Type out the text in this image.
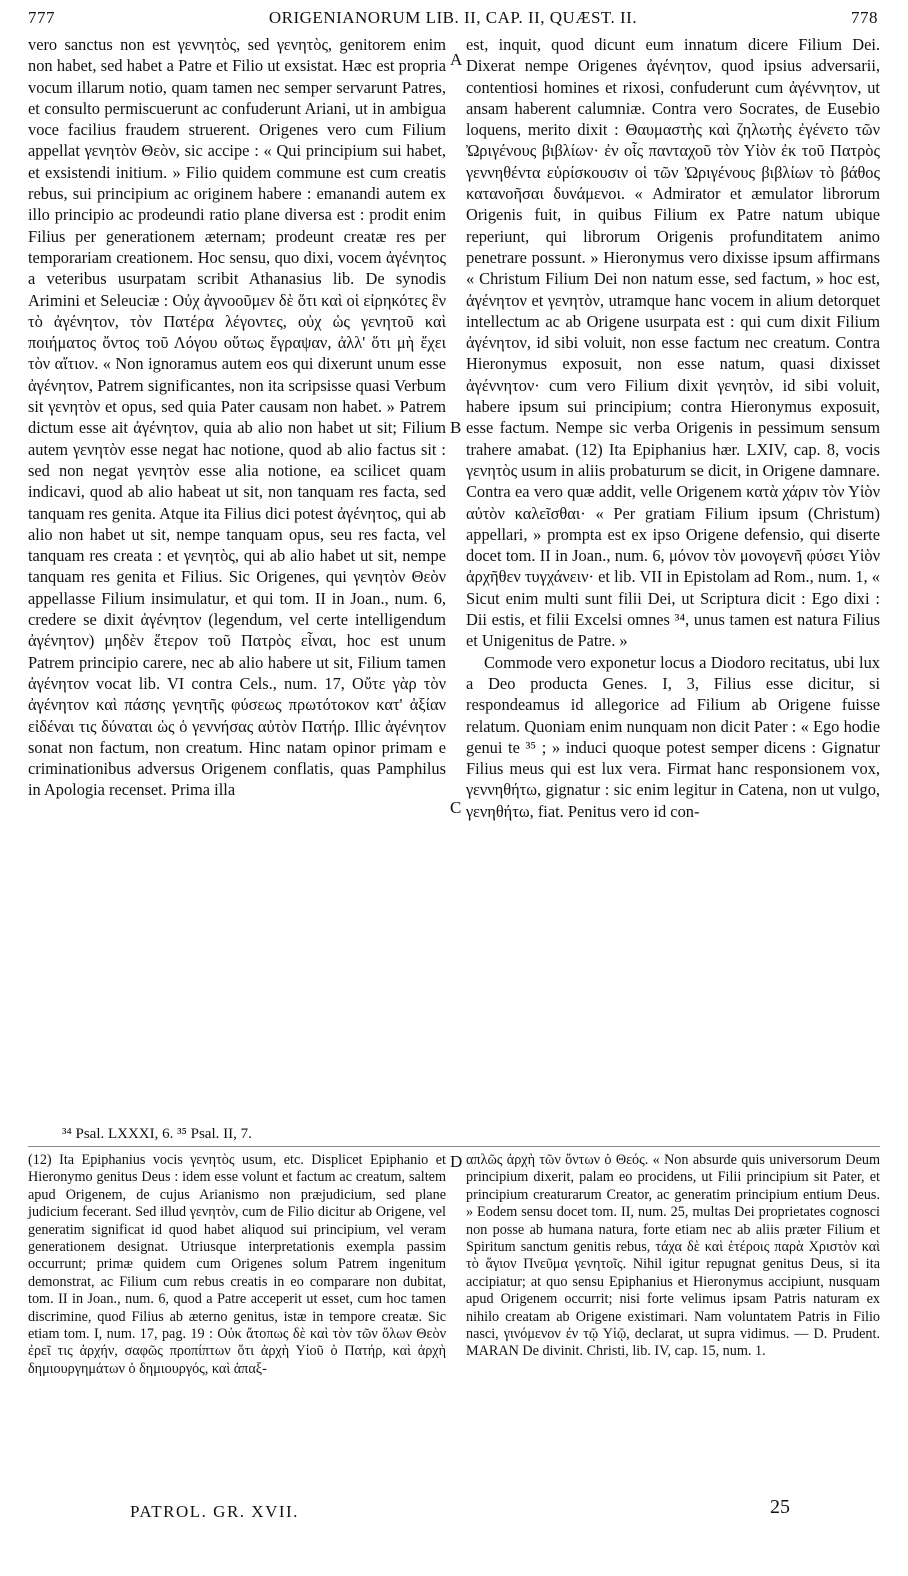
777	ORIGENIANORUM LIB. II, CAP. II, QUÆST. II.	778

vero sanctus non est γεννητὸς, sed γενητὸς, genitorem enim non habet, sed habet a Patre et Filio ut exsistat. Hæc est propria vocum illarum notio, quam tamen nec semper servarunt Patres, et consulto permiscuerunt ac confuderunt Ariani, ut in ambigua voce facilius fraudem struerent. Origenes vero cum Filium appellat γενητὸν Θεὸν, sic accipe : « Qui principium sui habet, et exsistendi initium. » Filio quidem commune est cum creatis rebus, sui principium ac originem habere : emanandi autem ex illo principio ac prodeundi ratio plane diversa est : prodit enim Filius per generationem æternam; prodeunt creatæ res per temporariam creationem. Hoc sensu, quo dixi, vocem ἀγένητος a veteribus usurpatam scribit Athanasius lib. De synodis Arimini et Seleuciæ : Οὐχ ἀγνοοῦμεν δὲ ὅτι καὶ οἱ εἰρηκότες ἓν τὸ ἀγένητον, τὸν Πατέρα λέγοντες, οὐχ ὡς γενητοῦ καὶ ποιήματος ὄντος τοῦ Λόγου οὕτως ἔγραψαν, ἀλλ' ὅτι μὴ ἔχει τὸν αἴτιον. « Non ignoramus autem eos qui dixerunt unum esse ἀγένητον, Patrem significantes, non ita scripsisse quasi Verbum sit γενητὸν et opus, sed quia Pater causam non habet. » Patrem dictum esse ait ἀγένητον, quia ab alio non habet ut sit; Filium autem γενητὸν esse negat hac notione, quod ab alio factus sit : sed non negat γενητὸν esse alia notione, ea scilicet quam indicavi, quod ab alio habeat ut sit, non tanquam res facta, sed tanquam res genita. Atque ita Filius dici potest ἀγένητος, qui ab alio non habet ut sit, nempe tanquam opus, seu res facta, vel tanquam res creata : et γενητὸς, qui ab alio habet ut sit, nempe tanquam res genita et Filius. Sic Origenes, qui γενητὸν Θεὸν appellasse Filium insimulatur, et qui tom. II in Joan., num. 6, credere se dixit ἀγένητον (legendum, vel certe intelligendum ἀγένητον) μηδὲν ἕτερον τοῦ Πατρὸς εἶναι, hoc est unum Patrem principio carere, nec ab alio habere ut sit, Filium tamen ἀγένητον vocat lib. VI contra Cels., num. 17, Οὔτε γὰρ τὸν ἀγένητον καὶ πάσης γενητῆς φύσεως πρωτότοκον κατ' ἀξίαν εἰδέναι τις δύναται ὡς ὁ γεννήσας αὐτὸν Πατήρ. Illic ἀγένητον sonat non factum, non creatum. Hinc natam opinor primam e criminationibus adversus Origenem conflatis, quas Pamphilus in Apologia recenset. Prima illa

est, inquit, quod dicunt eum innatum dicere Filium Dei. Dixerat nempe Origenes ἀγένητον, quod ipsius adversarii, contentiosi homines et rixosi, confuderunt cum ἀγέννητον, ut ansam haberent calumniæ. Contra vero Socrates, de Eusebio loquens, merito dixit : Θαυμαστὴς καὶ ζηλωτὴς ἐγένετο τῶν Ὠριγένους βιβλίων· ἐν οἷς πανταχοῦ τὸν Υἱὸν ἐκ τοῦ Πατρὸς γεννηθέντα εὑρίσκουσιν οἱ τῶν Ὠριγένους βιβλίων τὸ βάθος κατανοῆσαι δυνάμενοι. « Admirator et æmulator librorum Origenis fuit, in quibus Filium ex Patre natum ubique reperiunt, qui librorum Origenis profunditatem animo penetrare possunt. » Hieronymus vero dixisse ipsum affirmans « Christum Filium Dei non natum esse, sed factum, » hoc est, ἀγένητον et γενητὸν, utramque hanc vocem in alium detorquet intellectum ac ab Origene usurpata est : qui cum dixit Filium ἀγένητον, id sibi voluit, non esse factum nec creatum. Contra Hieronymus exposuit, non esse natum, quasi dixisset ἀγέννητον· cum vero Filium dixit γενητὸν, id sibi voluit, habere ipsum sui principium; contra Hieronymus exposuit, esse factum. Nempe sic verba Origenis in pessimum sensum trahere amabat. (12) Ita Epiphanius hær. LXIV, cap. 8, vocis γενητὸς usum in aliis probaturum se dicit, in Origene damnare. Contra ea vero quæ addit, velle Origenem κατὰ χάριν τὸν Υἱὸν αὐτὸν καλεῖσθαι· « Per gratiam Filium ipsum (Christum) appellari, » prompta est ex ipso Origene defensio, qui diserte docet tom. II in Joan., num. 6, μόνον τὸν μονογενῆ φύσει Υἱὸν ἀρχῆθεν τυγχάνειν· et lib. VII in Epistolam ad Rom., num. 1, « Sicut enim multi sunt filii Dei, ut Scriptura dicit : Ego dixi : Dii estis, et filii Excelsi omnes ³⁴, unus tamen est natura Filius et Unigenitus de Patre. »

Commode vero exponetur locus a Diodoro recitatus, ubi lux a Deo producta Genes. I, 3, Filius esse dicitur, si respondeamus id allegorice ad Filium ab Origene fuisse relatum. Quoniam enim nunquam non dicit Pater : « Ego hodie genui te ³⁵ ; » induci quoque potest semper dicens : Gignatur Filius meus qui est lux vera. Firmat hanc responsionem vox, γεννηθήτω, gignatur : sic enim legitur in Catena, non ut vulgo, γενηθήτω, fiat. Penitus vero id con-

A
B
C
D
³⁴ Psal. LXXXI, 6. ³⁵ Psal. II, 7.

(12) Ita Epiphanius vocis γενητὸς usum, etc. Displicet Epiphanio et Hieronymo genitus Deus : idem esse volunt et factum ac creatum, saltem apud Origenem, de cujus Arianismo non præjudicium, sed plane judicium fecerant. Sed illud γενητὸν, cum de Filio dicitur ab Origene, vel generatim significat id quod habet aliquod sui principium, vel veram generationem designat. Utriusque interpretationis exempla passim occurrunt; primæ quidem cum Origenes solum Patrem ingenitum demonstrat, ac Filium cum rebus creatis in eo comparare non dubitat, tom. II in Joan., num. 6, quod a Patre acceperit ut esset, cum hoc tamen discrimine, quod Filius ab æterno genitus, istæ in tempore creatæ. Sic etiam tom. I, num. 17, pag. 19 : Οὐκ ἄτοπως δὲ καὶ τὸν τῶν ὅλων Θεὸν ἐρεῖ τις ἀρχήν, σαφῶς προπίπτων ὅτι ἀρχὴ Υἱοῦ ὁ Πατήρ, καὶ ἀρχὴ δημιουργημάτων ὁ δημιουργός, καὶ ἁπαξ-

απλῶς ἀρχὴ τῶν ὄντων ὁ Θεός. « Non absurde quis universorum Deum principium dixerit, palam eo procidens, ut Filii principium sit Pater, et principium creaturarum Creator, ac generatim principium entium Deus. » Eodem sensu docet tom. II, num. 25, multas Dei proprietates cognosci non posse ab humana natura, forte etiam nec ab aliis præter Filium et Spiritum sanctum genitis rebus, τάχα δὲ καὶ ἑτέροις παρὰ Χριστὸν καὶ τὸ ἅγιον Πνεῦμα γενητοῖς. Nihil igitur repugnat genitus Deus, si ita accipiatur; at quo sensu Epiphanius et Hieronymus accipiunt, nusquam apud Origenem occurrit; nisi forte velimus ipsam Patris naturam ex nihilo creatam ab Origene existimari. Nam voluntatem Patris in Filio nasci, γινόμενον ἐν τῷ Υἱῷ, declarat, ut supra vidimus. — D. Prudent. MARAN De divinit. Christi, lib. IV, cap. 15, num. 1.

PATROL. GR. XVII.	25
